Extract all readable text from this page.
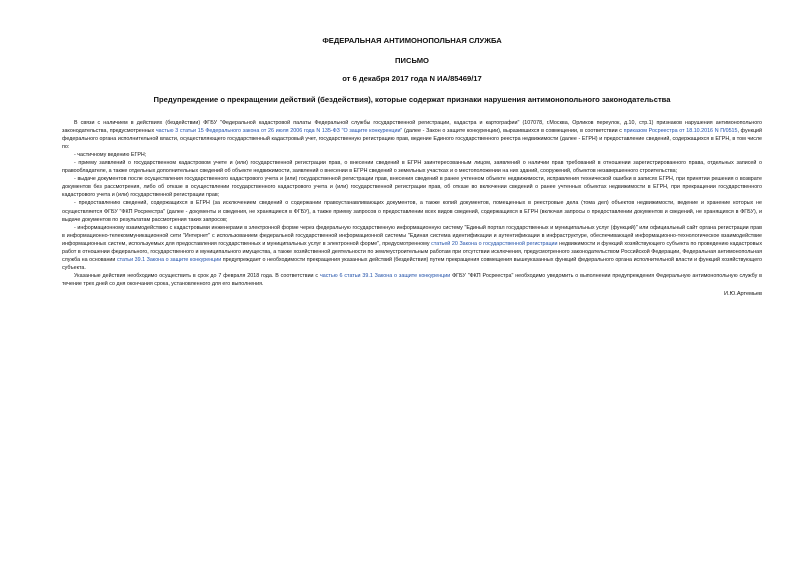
ФЕДЕРАЛЬНАЯ АНТИМОНОПОЛЬНАЯ СЛУЖБА
ПИСЬМО
от 6 декабря 2017 года N ИА/85469/17
Предупреждение о прекращении действий (бездействия), которые содержат признаки нарушения антимонопольного законодательства

В связи с наличием в действиях (бездействии) ФГБУ "Федеральной кадастровой палаты Федеральной службы государственной регистрации, кадастра и картографии" (107078, г.Москва, Орликов переулок, д.10, стр.1) признаков нарушения антимонопольного законодательства, предусмотренных частью 3 статьи 15 Федерального закона от 26 июля 2006 года N 135-ФЗ "О защите конкуренции" (далее - Закон о защите конкуренции), выразившихся в совмещении, в соответствии с приказом Росреестра от 18.10.2016 N П/0515, функций федерального органа исполнительной власти, осуществляющего государственный кадастровый учет, государственную регистрацию прав, ведение Единого государственного реестра недвижимости (далее - ЕГРН) и предоставление сведений, содержащихся в ЕГРН, в том числе по:

- частичному ведению ЕГРН;

- приему заявлений о государственном кадастровом учете и (или) государственной регистрации прав, о внесении сведений в ЕГРН заинтересованным лицом, заявлений о наличии прав требований в отношении зарегистрированного права, отдельных записей о правообладателе, а также отдельных дополнительных сведений об объекте недвижимости, заявлений о внесении в ЕГРН сведений о земельных участках и о местоположении на них зданий, сооружений, объектов незавершенного строительства;

- выдаче документов после осуществления государственного кадастрового учета и (или) государственной регистрации прав, внесения сведений в ранее учтенном объекте недвижимости, исправления технической ошибки в записях ЕГРН, при принятии решения о возврате документов без рассмотрения, либо об отказе в осуществлении государственного кадастрового учета и (или) государственной регистрации прав, об отказе во включении сведений о ранее учтенных объектах недвижимости в ЕГРН, при прекращении государственного кадастрового учета и (или) государственной регистрации прав;

- предоставлению сведений, содержащихся в ЕГРН (за исключением сведений о содержании правоустанавливающих документов, а также копий документов, помещенных в реестровые дела (тома дел) объектов недвижимости, ведение и хранение которых не осуществляется ФГБУ "ФКП Росреестра" (далее - документы и сведения, не хранящиеся в ФГБУ), а также приему запросов о предоставлении всех видов сведений, содержащихся в ЕГРН (включая запросы о предоставлении документов и сведений, не хранящихся в ФГБУ), и выдаче документов по результатам рассмотрения таких запросов;

- информационному взаимодействию с кадастровыми инженерами в электронной форме через федеральную государственную информационную систему "Единый портал государственных и муниципальных услуг (функций)" или официальный сайт органа регистрации прав в информационно-телекоммуникационной сети "Интернет" с использованием федеральной государственной информационной системы "Единая система идентификации и аутентификации в инфраструктуре, обеспечивающей информационно-технологическое взаимодействие информационных систем, используемых для предоставления государственных и муниципальных услуг в электронной форме", предусмотренному статьей 20 Закона о государственной регистрации недвижимости и функций хозяйствующего субъекта по проведению кадастровых работ в отношении федерального, государственного и муниципального имущества, а также хозяйственной деятельности по землеустроительным работам при отсутствии исключения, предусмотренного законодательством Российской Федерации, Федеральная антимонопольная служба на основании статьи 39.1 Закона о защите конкуренции предупреждает о необходимости прекращения указанных действий (бездействия) путем прекращения совмещения вышеуказанных функций федерального органа исполнительной власти и функций хозяйствующего субъекта.

Указанные действия необходимо осуществить в срок до 7 февраля 2018 года. В соответствии с частью 6 статьи 39.1 Закона о защите конкуренции ФГБУ "ФКП Росреестра" необходимо уведомить о выполнении предупреждения Федеральную антимонопольную службу в течение трех дней со дня окончания срока, установленного для его выполнения.

И.Ю.Артемьев
